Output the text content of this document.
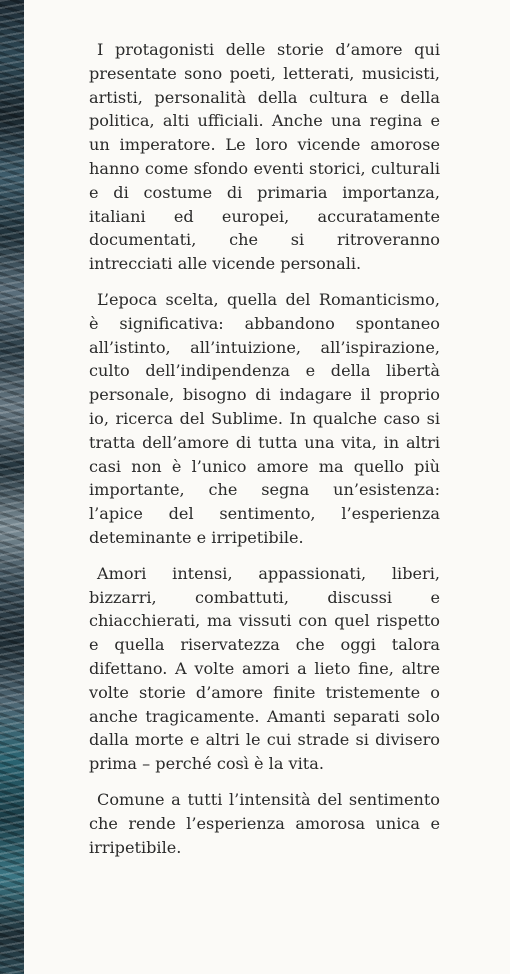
I protagonisti delle storie d’amore qui presentate sono poeti, letterati, musicisti, artisti, personalità della cultura e della politica, alti ufficiali. Anche una regina e un imperatore. Le loro vicende amorose hanno come sfondo eventi storici, culturali e di costume di primaria importanza, italiani ed europei, accuratamente documentati, che si ritroveranno intrecciati alle vicende personali.

L’epoca scelta, quella del Romanticismo, è significativa: abbandono spontaneo all’istinto, all’intuizione, all’ispirazione, culto dell’indipendenza e della libertà personale, bisogno di indagare il proprio io, ricerca del Sublime. In qualche caso si tratta dell’amore di tutta una vita, in altri casi non è l’unico amore ma quello più importante, che segna un’esistenza: l’apice del sentimento, l’esperienza deteminante e irripetibile.

Amori intensi, appassionati, liberi, bizzarri, combattuti, discussi e chiacchierati, ma vissuti con quel rispetto e quella riservatezza che oggi talora difettano. A volte amori a lieto fine, altre volte storie d’amore finite tristemente o anche tragicamente. Amanti separati solo dalla morte e altri le cui strade si divisero prima – perché così è la vita.

Comune a tutti l’intensità del sentimento che rende l’esperienza amorosa unica e irripetibile.
